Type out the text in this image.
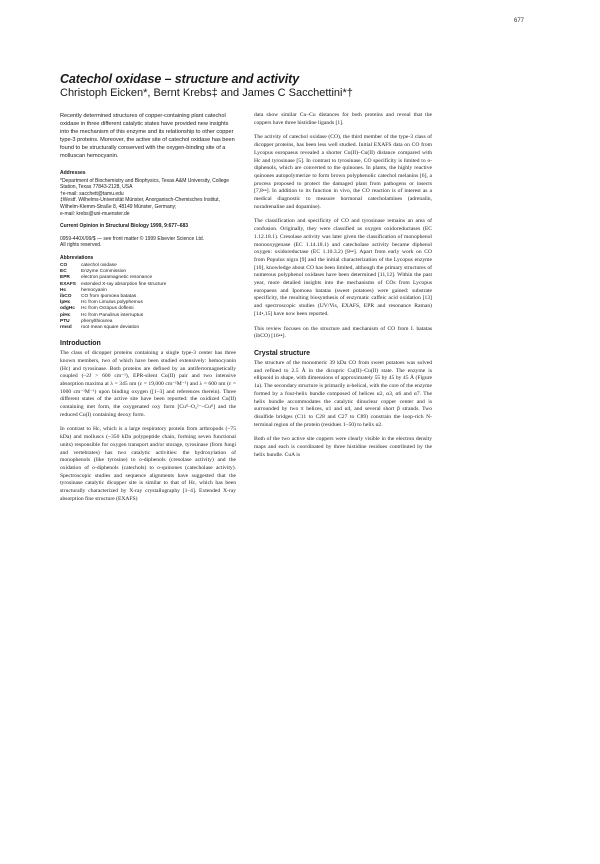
677
Catechol oxidase – structure and activity
Christoph Eicken*, Bernt Krebs‡ and James C Sacchettini*†

Recently determined structures of copper-containing plant catechol oxidase in three different catalytic states have provided new insights into the mechanism of this enzyme and its relationship to other copper type-3 proteins. Moreover, the active site of catechol oxidase has been found to be structurally conserved with the oxygen-binding site of a molluscan hemocyanin.

Addresses

*Department of Biochemistry and Biophysics, Texas A&M University, College Station, Texas 77843-2128, USA

†e-mail: sacchett@tamu.edu

‡Westf. Wilhelms-Universität Münster, Anorganisch-Chemisches Institut, Wilhelm-Klemm-Straße 8, 48149 Münster, Germany;

e-mail: krebs@uni-muenster.de

Current Opinion in Structural Biology 1999, 9:677–683

0959-440X/99/$ — see front matter © 1999 Elsevier Science Ltd.

All rights reserved.

Abbreviations

CO	catechol oxidase
EC	Enzyme Commission
EPR	electron paramagnetic resonance
EXAFS	extended X-ray absorption fine structure
Hc	hemocyanin
ibCO	CO from Ipomoea batatas
lpHc	Hc from Limulus polyphemus
odgHc	Hc from Octopus dofleini
piHc	Hc from Panulirus interruptus
PTU	phenylthiourea
rmsd	root mean square deviation
Introduction

The class of dicopper proteins containing a single type-3 center has three known members, two of which have been studied extensively: hemocyanin (Hc) and tyrosinase. Both proteins are defined by an antiferromagnetically coupled (–2J > 600 cm⁻¹), EPR-silent Cu(II) pair and two intensive absorption maxima at λ = 345 nm (ε = 19,000 cm⁻¹M⁻¹) and λ = 600 nm (ε = 1000 cm⁻¹M⁻¹) upon binding oxygen ([1–3] and references therein). Three different states of the active site have been reported: the oxidized Cu(II) containing met form, the oxygenated oxy form [Cuᴵᴵ–O₂²⁻–Cuᴵᴵ] and the reduced Cu(I) containing deoxy form.

In contrast to Hc, which is a large respiratory protein from arthropods (~75 kDa) and molluscs (~350 kDa polypeptide chain, forming seven functional units) responsible for oxygen transport and/or storage, tyrosinase (from fungi and vertebrates) has two catalytic activities: the hydroxylation of monophenols (like tyrosine) to o-diphenols (cresolase activity) and the oxidation of o-diphenols (catechols) to o-quinones (catecholase activity). Spectroscopic studies and sequence alignments have suggested that the tyrosinase catalytic dicopper site is similar to that of Hc, which has been structurally characterized by X-ray crystallography [1–4]. Extended X-ray absorption fine structure (EXAFS)

data show similar Cu–Cu distances for both proteins and reveal that the coppers have three histidine ligands [1].

The activity of catechol oxidase (CO), the third member of the type-3 class of dicopper proteins, has been less well studied. Initial EXAFS data on CO from Lycopus europaeus revealed a shorter Cu(II)–Cu(II) distance compared with Hc and tyrosinase [5]. In contrast to tyrosinase, CO specificity is limited to o-diphenols, which are converted to the quinones. In plants, the highly reactive quinones autopolymerize to form brown polyphenolic catechol melanins [6], a process proposed to protect the damaged plant from pathogens or insects [7,8••]. In addition to its function in vivo, the CO reaction is of interest as a medical diagnostic to measure hormonal catecholamines (adrenalin, noradrenaline and dopamine).

The classification and specificity of CO and tyrosinase remains an area of confusion. Originally, they were classified as oxygen oxidoreductases (EC 1.12.18.1). Cresolase activity was later given the classification of monophenol monooxygenase (EC 1.14.18.1) and catecholase activity became diphenol oxygen: oxidoreductase (EC 1.10.3.2) [8••]. Apart from early work on CO from Populus nigra [9] and the initial characterization of the Lycopus enzyme [10], knowledge about CO has been limited, although the primary structures of numerous polyphenol oxidases have been determined [11,12]. Within the past year, more detailed insights into the mechanisms of COs from Lycopus europaeus and Ipomoea batatas (sweet potatoes) were gained: substrate specificity, the resulting biosynthesis of enzymatic caffeic acid oxidation [13] and spectroscopic studies (UV/Vis, EXAFS, EPR and resonance Raman) [14•,15] have now been reported.

This review focuses on the structure and mechanism of CO from I. batatas (ibCO) [16••].

Crystal structure

The structure of the monomeric 39 kDa CO from sweet potatoes was solved and refined to 2.5 Å in the dicupric Cu(II)–Cu(II) state. The enzyme is ellipsoid in shape, with dimensions of approximately 55 by 45 by 45 Å (Figure 1a). The secondary structure is primarily α-helical, with the core of the enzyme formed by a four-helix bundle composed of helices α2, α3, α6 and α7. The helix bundle accommodates the catalytic dinuclear copper center and is surrounded by two π helices, α1 and α4, and several short β strands. Two disulfide bridges (C11 to C28 and C27 to C89) constrain the loop-rich N-terminal region of the protein (residues 1–50) to helix α2.

Both of the two active site coppers were clearly visible in the electron density maps and each is coordinated by three histidine residues contributed by the helix bundle. CuA is
